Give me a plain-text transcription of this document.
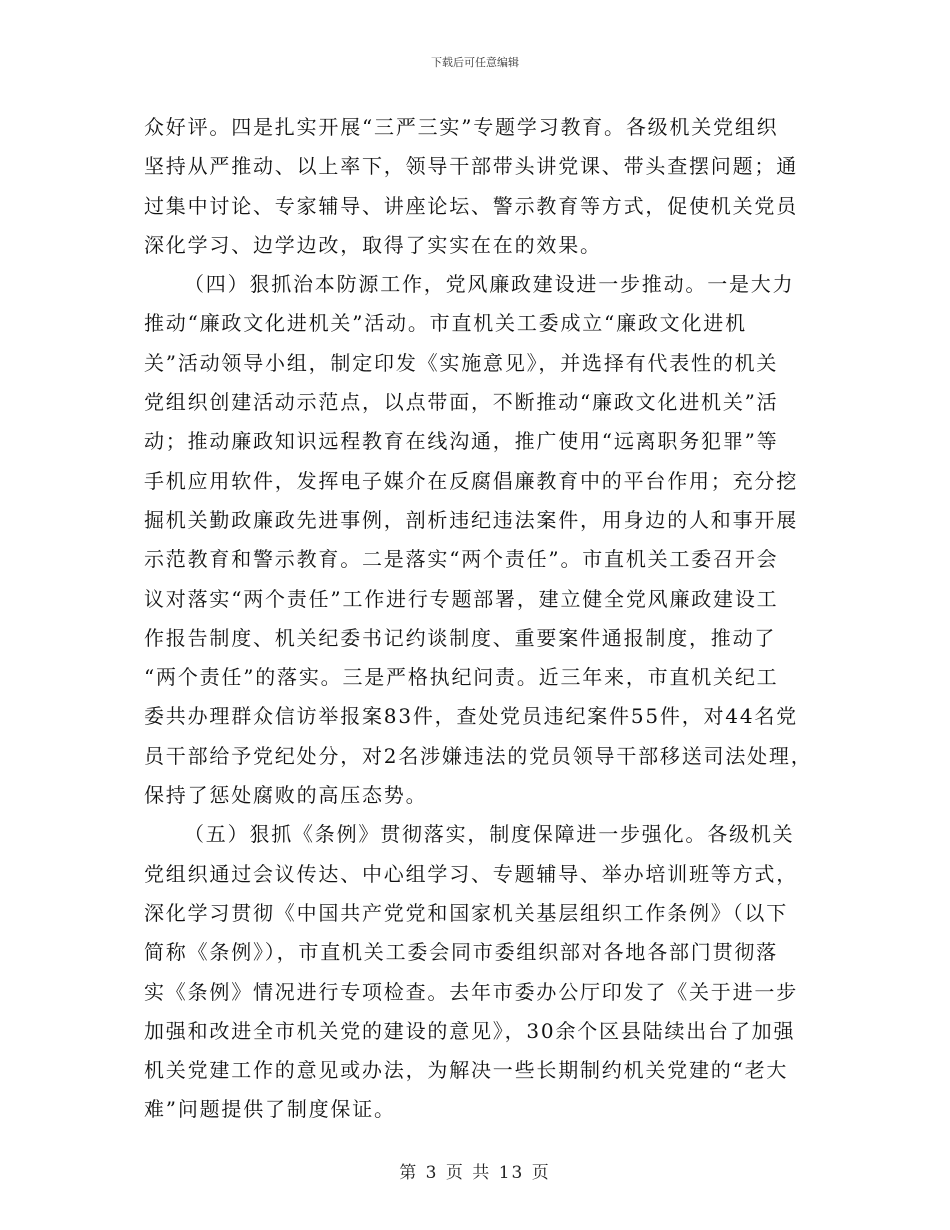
下载后可任意编辑
众好评。四是扎实开展“三严三实”专题学习教育。各级机关党组织
坚持从严推动、以上率下，领导干部带头讲党课、带头查摆问题；通
过集中讨论、专家辅导、讲座论坛、警示教育等方式，促使机关党员
深化学习、边学边改，取得了实实在在的效果。
（四）狠抓治本防源工作，党风廉政建设进一步推动。一是大力
推动“廉政文化进机关”活动。市直机关工委成立“廉政文化进机
关”活动领导小组，制定印发《实施意见》，并选择有代表性的机关
党组织创建活动示范点，以点带面，不断推动“廉政文化进机关”活
动；推动廉政知识远程教育在线沟通，推广使用“远离职务犯罪”等
手机应用软件，发挥电子媒介在反腐倡廉教育中的平台作用；充分挖
掘机关勤政廉政先进事例，剖析违纪违法案件，用身边的人和事开展
示范教育和警示教育。二是落实“两个责任”。市直机关工委召开会
议对落实“两个责任”工作进行专题部署，建立健全党风廉政建设工
作报告制度、机关纪委书记约谈制度、重要案件通报制度，推动了
“两个责任”的落实。三是严格执纪问责。近三年来，市直机关纪工
委共办理群众信访举报案83件，查处党员违纪案件55件，对44名党
员干部给予党纪处分，对2名涉嫌违法的党员领导干部移送司法处理，
保持了惩处腐败的高压态势。
（五）狠抓《条例》贯彻落实，制度保障进一步强化。各级机关
党组织通过会议传达、中心组学习、专题辅导、举办培训班等方式，
深化学习贯彻《中国共产党党和国家机关基层组织工作条例》（以下
简称《条例》），市直机关工委会同市委组织部对各地各部门贯彻落
实《条例》情况进行专项检查。去年市委办公厅印发了《关于进一步
加强和改进全市机关党的建设的意见》，30余个区县陆续出台了加强
机关党建工作的意见或办法，为解决一些长期制约机关党建的“老大
难”问题提供了制度保证。
第 3 页 共 13 页
